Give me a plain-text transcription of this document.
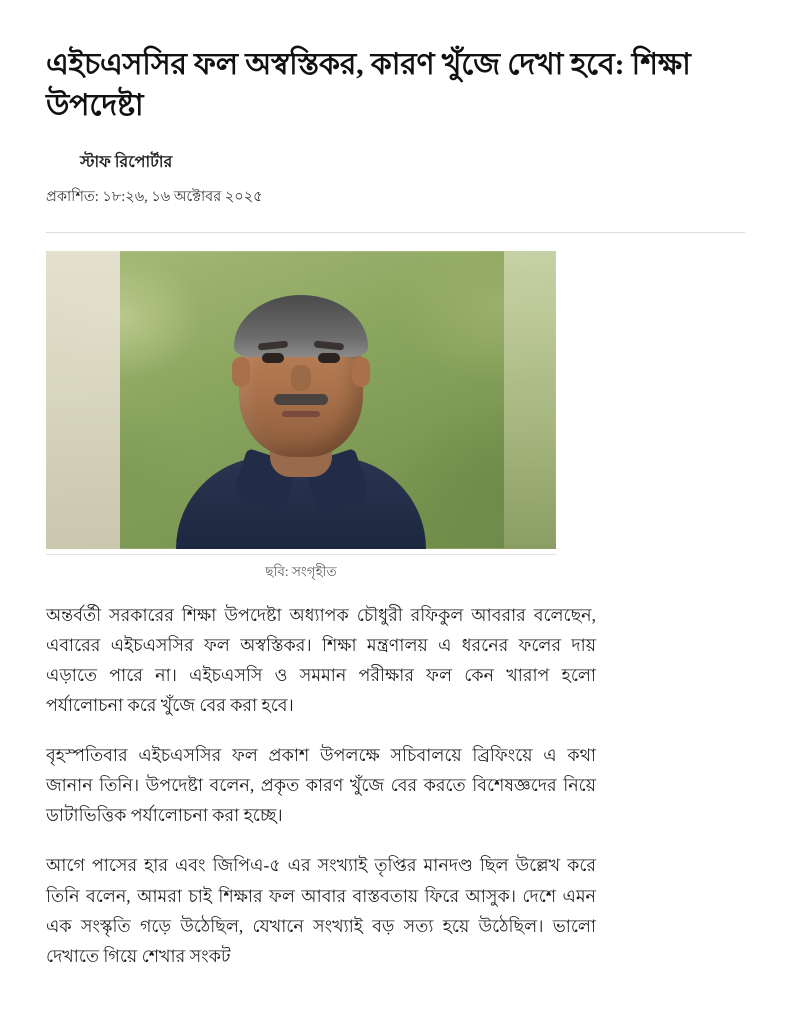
এইচএসসির ফল অস্বস্তিকর, কারণ খুঁজে দেখা হবে: শিক্ষা উপদেষ্টা
স্টাফ রিপোর্টার
প্রকাশিত: ১৮:২৬, ১৬ অক্টোবর ২০২৫
ছবি: সংগৃহীত

অন্তর্বর্তী সরকারের শিক্ষা উপদেষ্টা অধ্যাপক চৌধুরী রফিকুল আবরার বলেছেন, এবারের এইচএসসির ফল অস্বস্তিকর। শিক্ষা মন্ত্রণালয় এ ধরনের ফলের দায় এড়াতে পারে না। এইচএসসি ও সমমান পরীক্ষার ফল কেন খারাপ হলো পর্যালোচনা করে খুঁজে বের করা হবে।

বৃহস্পতিবার এইচএসসির ফল প্রকাশ উপলক্ষে সচিবালয়ে ব্রিফিংয়ে এ কথা জানান তিনি। উপদেষ্টা বলেন, প্রকৃত কারণ খুঁজে বের করতে বিশেষজ্ঞদের নিয়ে ডাটাভিত্তিক পর্যালোচনা করা হচ্ছে।

আগে পাসের হার এবং জিপিএ-৫ এর সংখ্যাই তৃপ্তির মানদণ্ড ছিল উল্লেখ করে তিনি বলেন, আমরা চাই শিক্ষার ফল আবার বাস্তবতায় ফিরে আসুক। দেশে এমন এক সংস্কৃতি গড়ে উঠেছিল, যেখানে সংখ্যাই বড় সত্য হয়ে উঠেছিল। ভালো দেখাতে গিয়ে শেখার সংকট
